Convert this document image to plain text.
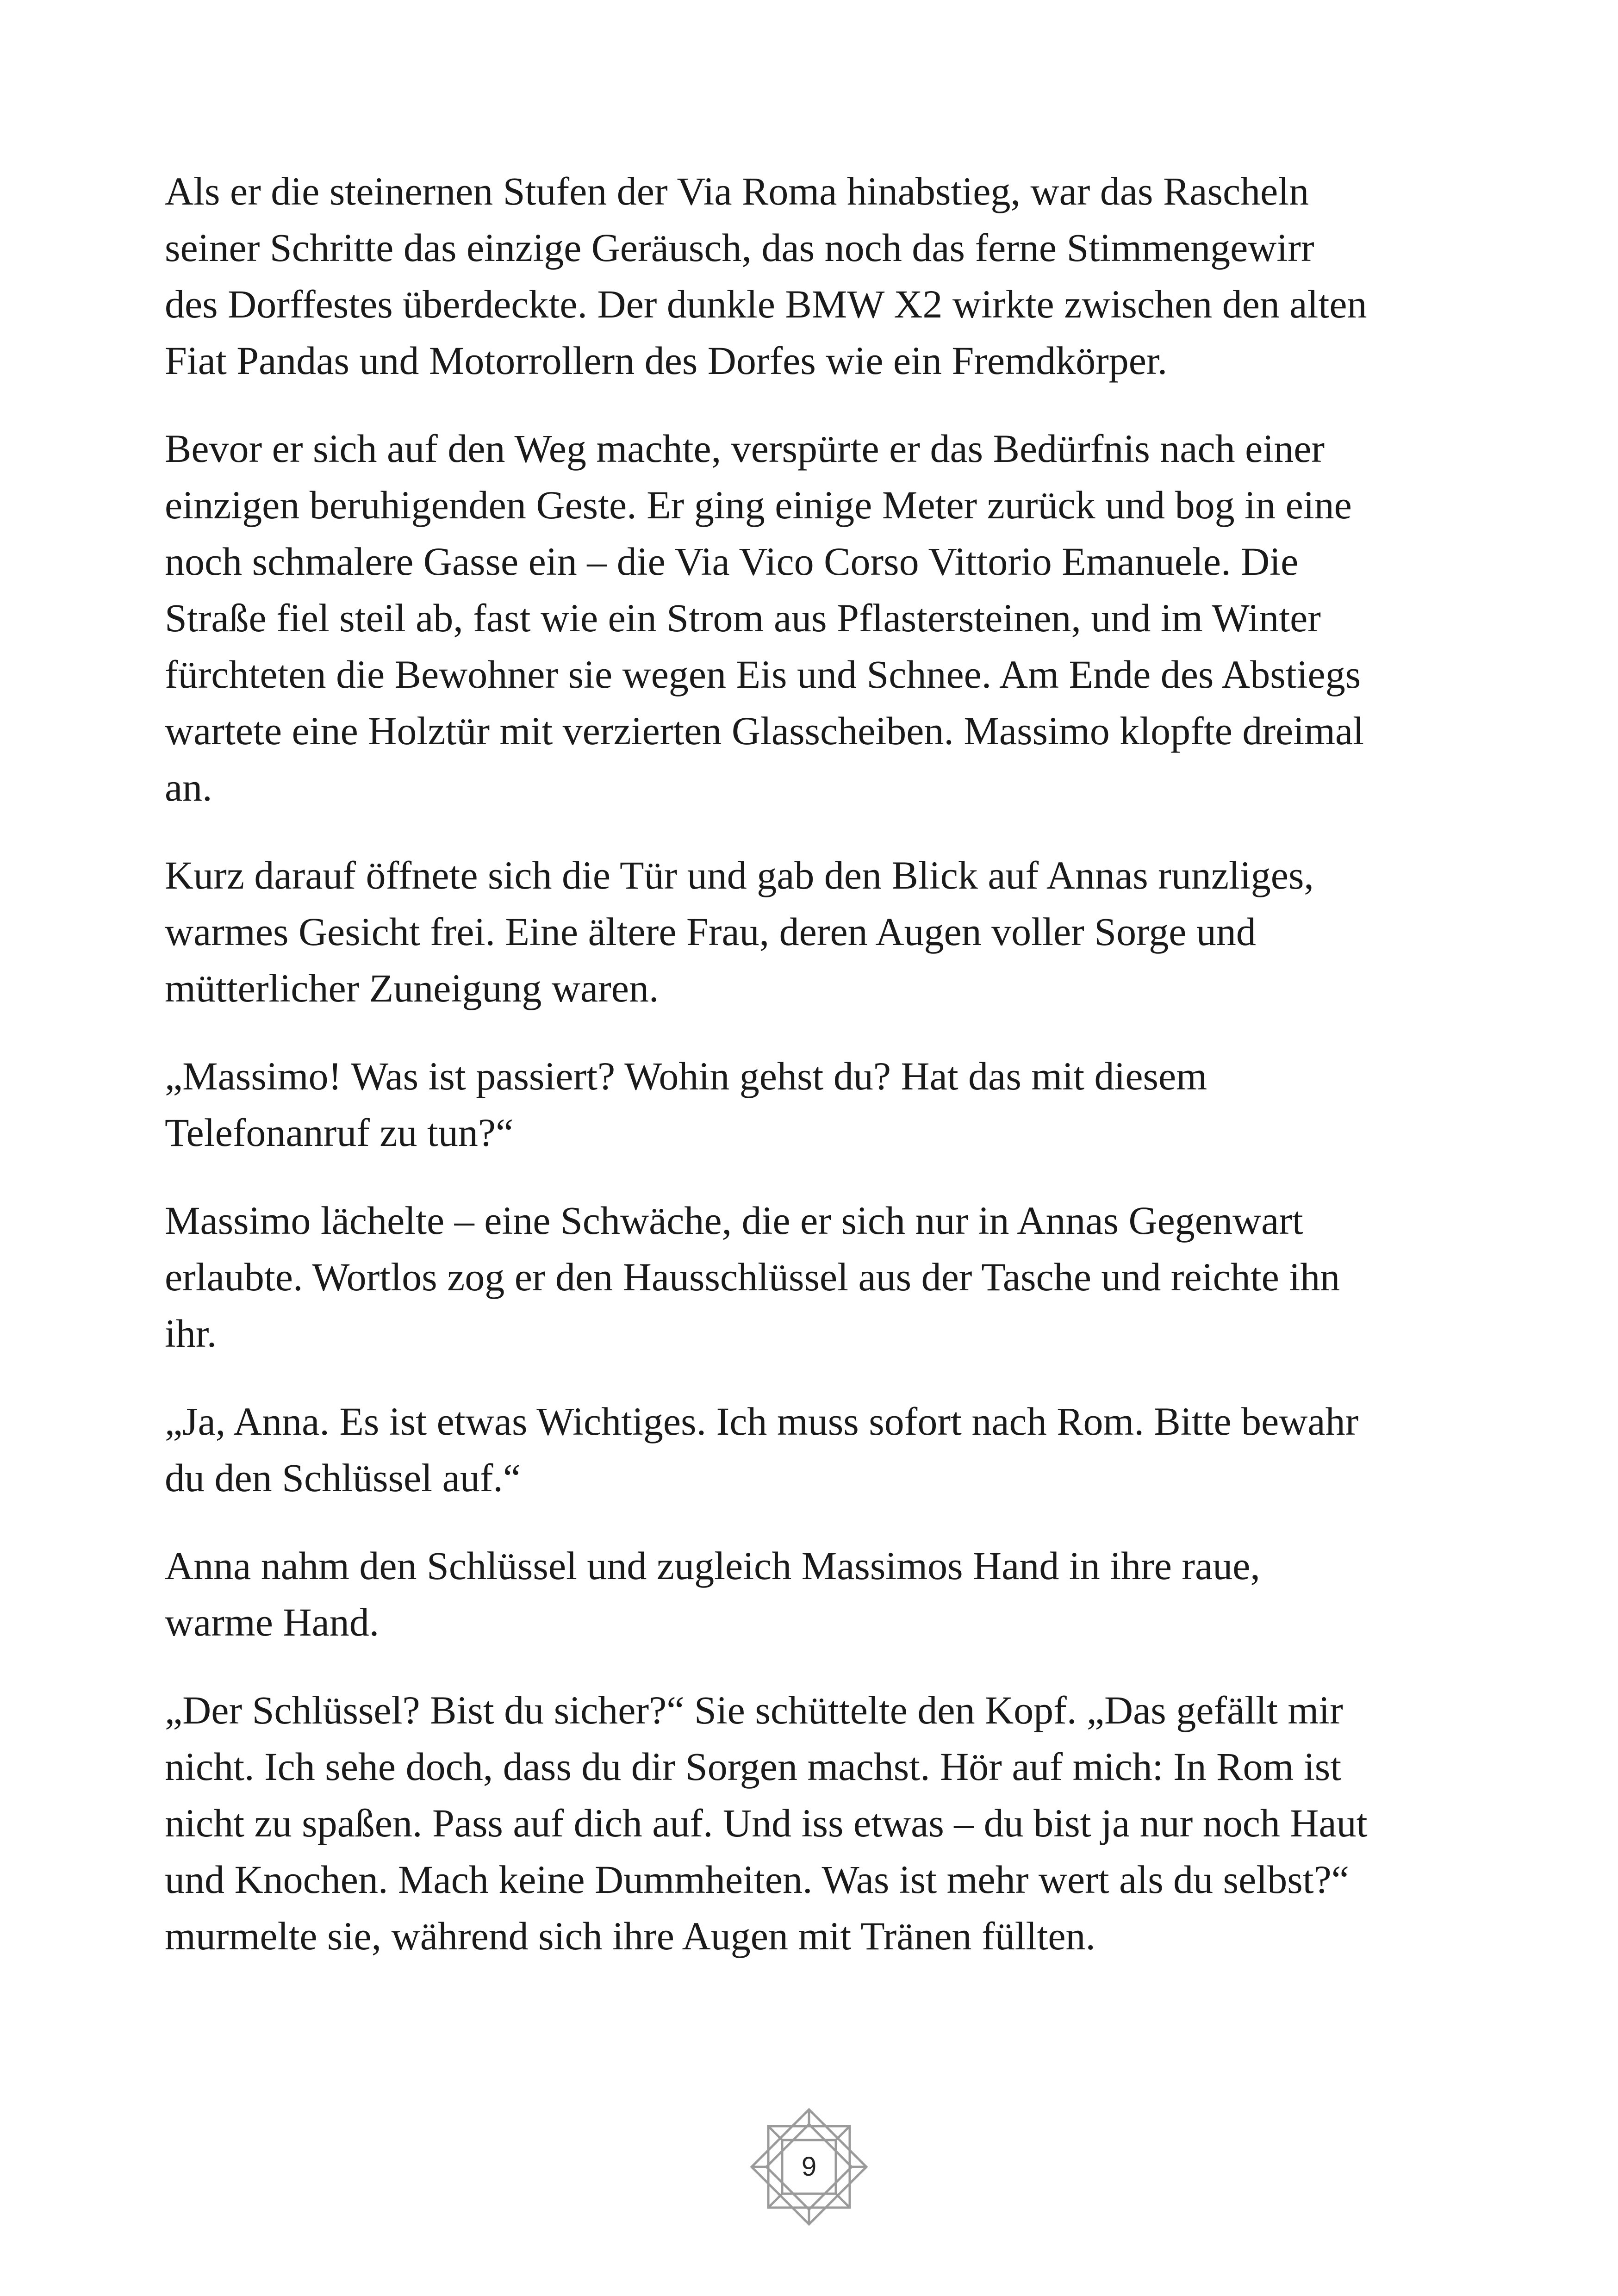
Als er die steinernen Stufen der Via Roma hinabstieg, war das Rascheln
seiner Schritte das einzige Geräusch, das noch das ferne Stimmengewirr
des Dorffestes überdeckte. Der dunkle BMW X2 wirkte zwischen den alten
Fiat Pandas und Motorrollern des Dorfes wie ein Fremdkörper.

Bevor er sich auf den Weg machte, verspürte er das Bedürfnis nach einer
einzigen beruhigenden Geste. Er ging einige Meter zurück und bog in eine
noch schmalere Gasse ein – die Via Vico Corso Vittorio Emanuele. Die
Straße fiel steil ab, fast wie ein Strom aus Pflastersteinen, und im Winter
fürchteten die Bewohner sie wegen Eis und Schnee. Am Ende des Abstiegs
wartete eine Holztür mit verzierten Glasscheiben. Massimo klopfte dreimal
an.

Kurz darauf öffnete sich die Tür und gab den Blick auf Annas runzliges,
warmes Gesicht frei. Eine ältere Frau, deren Augen voller Sorge und
mütterlicher Zuneigung waren.

„Massimo! Was ist passiert? Wohin gehst du? Hat das mit diesem
Telefonanruf zu tun?“

Massimo lächelte – eine Schwäche, die er sich nur in Annas Gegenwart
erlaubte. Wortlos zog er den Hausschlüssel aus der Tasche und reichte ihn
ihr.

„Ja, Anna. Es ist etwas Wichtiges. Ich muss sofort nach Rom. Bitte bewahr
du den Schlüssel auf.“

Anna nahm den Schlüssel und zugleich Massimos Hand in ihre raue,
warme Hand.

„Der Schlüssel? Bist du sicher?“ Sie schüttelte den Kopf. „Das gefällt mir
nicht. Ich sehe doch, dass du dir Sorgen machst. Hör auf mich: In Rom ist
nicht zu spaßen. Pass auf dich auf. Und iss etwas – du bist ja nur noch Haut
und Knochen. Mach keine Dummheiten. Was ist mehr wert als du selbst?“
murmelte sie, während sich ihre Augen mit Tränen füllten.

9
